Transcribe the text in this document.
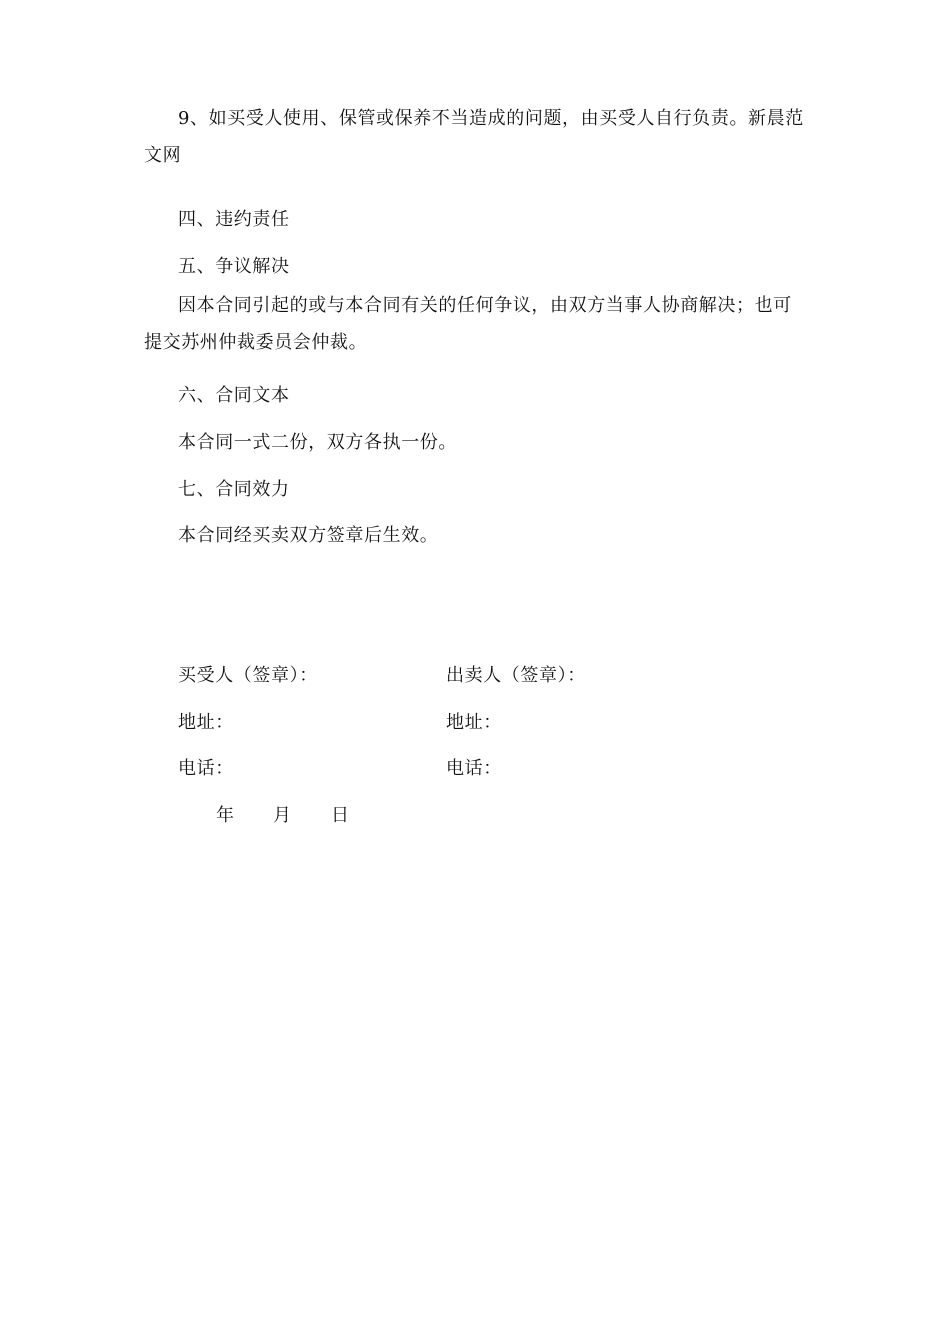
9、如买受人使用、保管或保养不当造成的问题，由买受人自行负责。新晨范文网

四、违约责任
五、争议解决

因本合同引起的或与本合同有关的任何争议，由双方当事人协商解决；也可提交苏州仲裁委员会仲裁。

六、合同文本
本合同一式二份，双方各执一份。
七、合同效力
本合同经买卖双方签章后生效。
买受人（签章）：	出卖人（签章）：
地址：	地址：
电话：	电话：
年 月 日
